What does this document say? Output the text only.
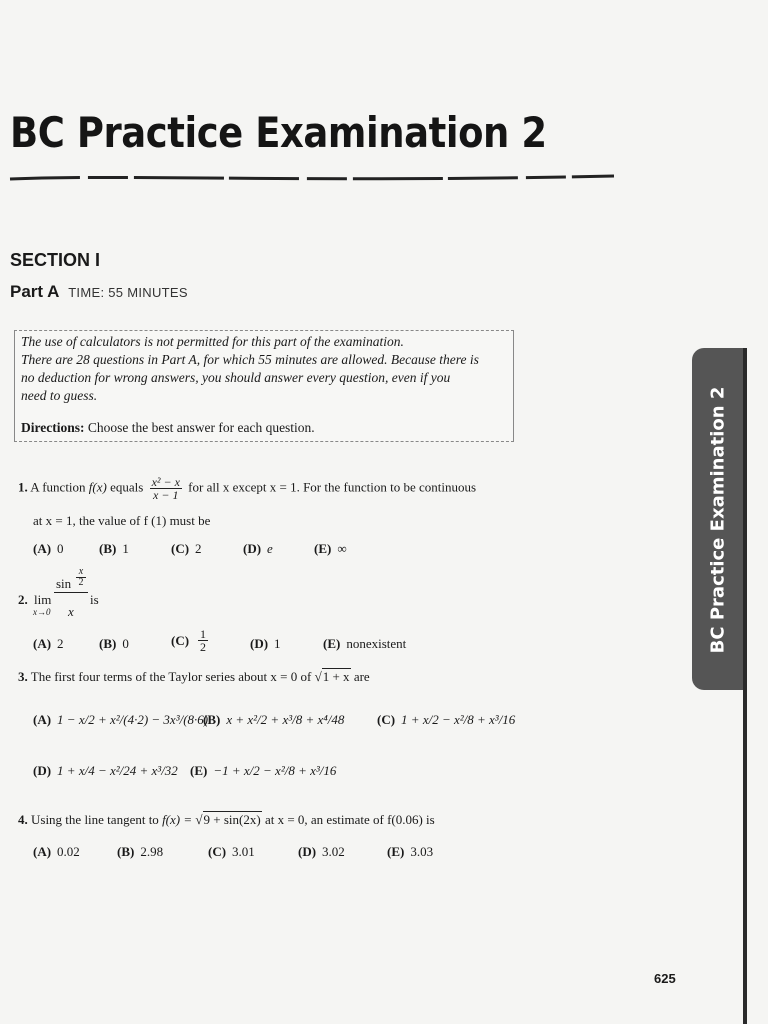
BC Practice Examination 2
SECTION I
Part A TIME: 55 MINUTES
The use of calculators is not permitted for this part of the examination.
There are 28 questions in Part A, for which 55 minutes are allowed. Because there is
no deduction for wrong answers, you should answer every question, even if you
need to guess.
Directions: Choose the best answer for each question.
1. A function f(x) equals $\frac{\text{x² − x}}{x - 1}$ for all x except x = 1. For the function to be continuous
at x = 1, the value of f (1) must be
(A) 0	(B) 1	(C) 2	(D) e	(E) ∞
2. lim
x→0
$\sin \frac{x}{2}$
x
is
(A) 2	(B) 0	$(C) \frac{1}{2}$	(D) 1	(E) nonexistent
3. The first four terms of the Taylor series about x = 0 of √1 + x are
(A) 1 − x/2 + x²/(4·2) − 3x³/(8·6)
(B) x + x²/2 + x³/8 + x⁴/48	(C) 1 + x/2 − x²/8 + x³/16
(D) 1 + x/4 − x²/24 + x³/32 (E) −1 + x/2 − x²/8 + x³/16
4. Using the line tangent to f(x) = √9 + sin(2x) at x = 0, an estimate of f(0.06) is
(A) 0.02	(B) 2.98	(C) 3.01	(D) 3.02	(E) 3.03
BC Practice Examination 2
625
